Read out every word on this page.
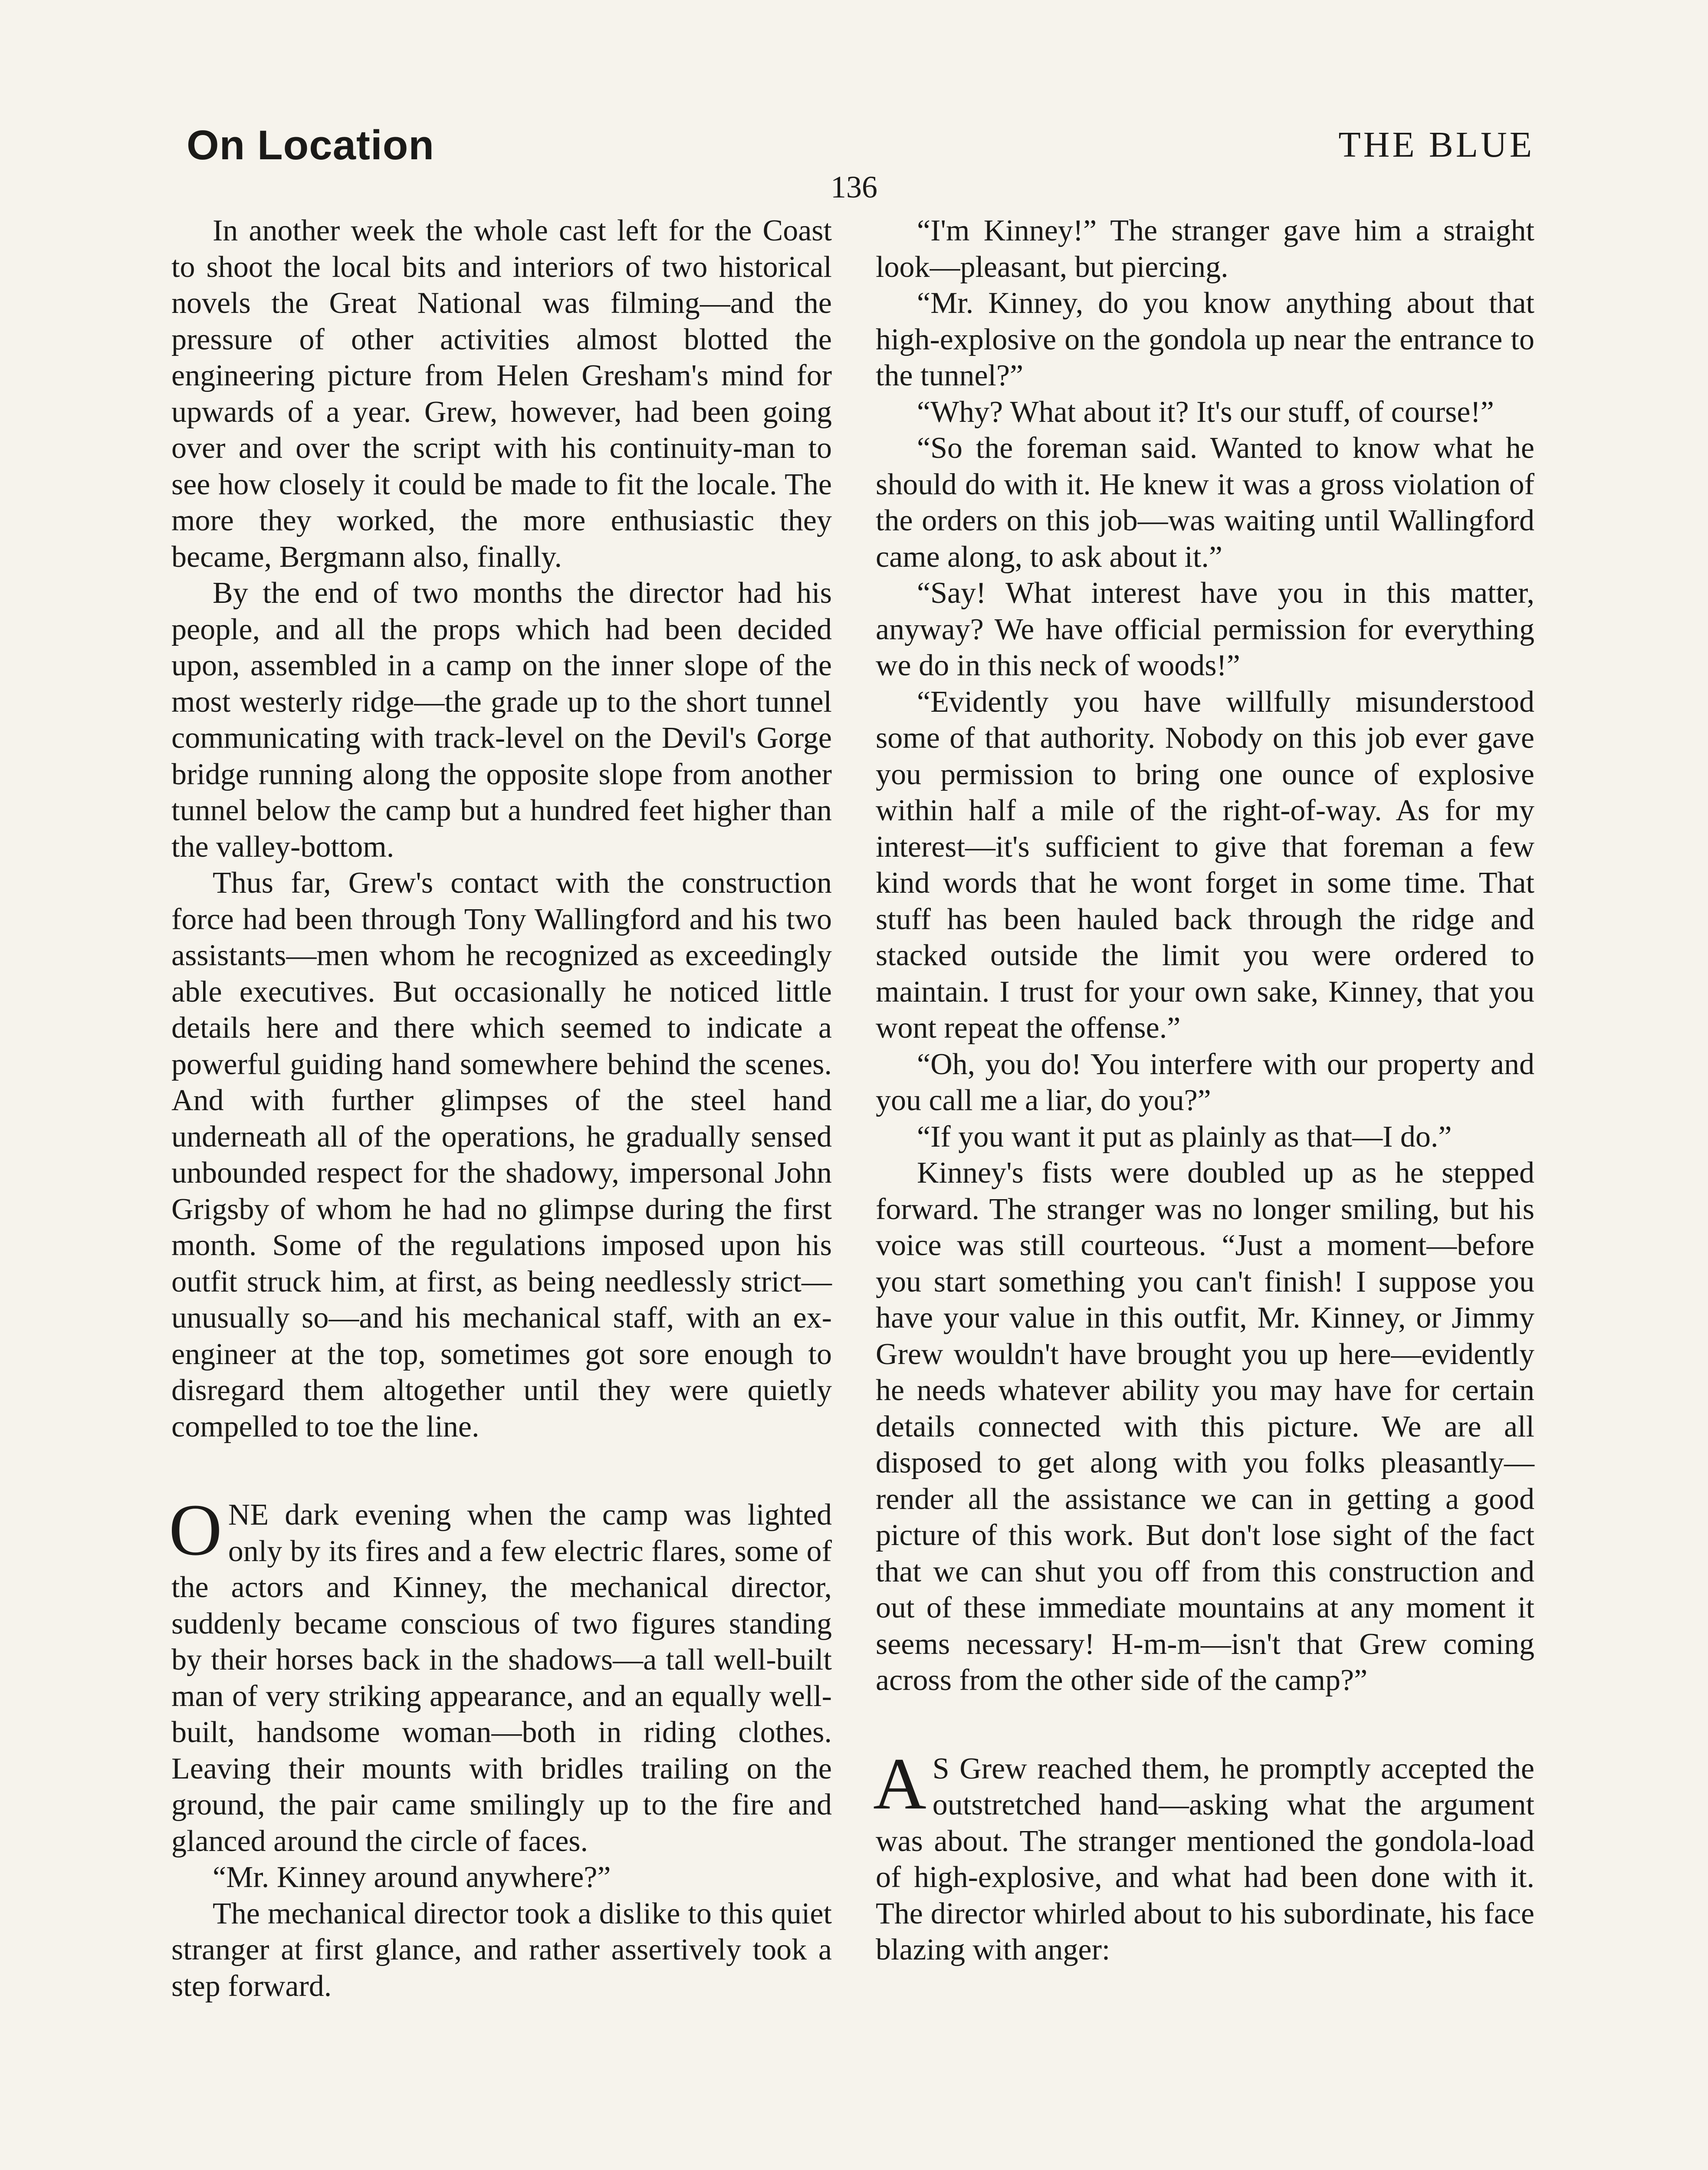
On Location	THE BLUE
136

In another week the whole cast left for the Coast to shoot the local bits and interiors of two historical novels the Great National was filming—and the pressure of other activities almost blotted the engineering picture from Helen Gresham's mind for upwards of a year. Grew, however, had been going over and over the script with his continuity-man to see how closely it could be made to fit the locale. The more they worked, the more enthusiastic they became, Bergmann also, finally.

By the end of two months the director had his people, and all the props which had been decided upon, assembled in a camp on the inner slope of the most westerly ridge—the grade up to the short tunnel communicating with track-level on the Devil's Gorge bridge running along the opposite slope from another tunnel below the camp but a hundred feet higher than the valley-bottom.

Thus far, Grew's contact with the construction force had been through Tony Wallingford and his two assistants—men whom he recognized as exceedingly able executives. But occasionally he noticed little details here and there which seemed to indicate a powerful guiding hand somewhere behind the scenes. And with further glimpses of the steel hand underneath all of the operations, he gradually sensed unbounded respect for the shadowy, impersonal John Grigsby of whom he had no glimpse during the first month. Some of the regulations imposed upon his outfit struck him, at first, as being needlessly strict—unusually so—and his mechanical staff, with an ex-engineer at the top, sometimes got sore enough to disregard them altogether until they were quietly compelled to toe the line.

ONE dark evening when the camp was lighted only by its fires and a few electric flares, some of the actors and Kinney, the mechanical director, suddenly became conscious of two figures standing by their horses back in the shadows—a tall well-built man of very striking appearance, and an equally well-built, handsome woman—both in riding clothes. Leaving their mounts with bridles trailing on the ground, the pair came smilingly up to the fire and glanced around the circle of faces.

“Mr. Kinney around anywhere?”

The mechanical director took a dislike to this quiet stranger at first glance, and rather assertively took a step forward.

“I'm Kinney!” The stranger gave him a straight look—pleasant, but piercing.

“Mr. Kinney, do you know anything about that high-explosive on the gondola up near the entrance to the tunnel?”

“Why? What about it? It's our stuff, of course!”

“So the foreman said. Wanted to know what he should do with it. He knew it was a gross violation of the orders on this job—was waiting until Wallingford came along, to ask about it.”

“Say! What interest have you in this matter, anyway? We have official permission for everything we do in this neck of woods!”

“Evidently you have willfully misunderstood some of that authority. Nobody on this job ever gave you permission to bring one ounce of explosive within half a mile of the right-of-way. As for my interest—it's sufficient to give that foreman a few kind words that he wont forget in some time. That stuff has been hauled back through the ridge and stacked outside the limit you were ordered to maintain. I trust for your own sake, Kinney, that you wont repeat the offense.”

“Oh, you do! You interfere with our property and you call me a liar, do you?”

“If you want it put as plainly as that—I do.”

Kinney's fists were doubled up as he stepped forward. The stranger was no longer smiling, but his voice was still courteous. “Just a moment—before you start something you can't finish! I suppose you have your value in this outfit, Mr. Kinney, or Jimmy Grew wouldn't have brought you up here—evidently he needs whatever ability you may have for certain details connected with this picture. We are all disposed to get along with you folks pleasantly—render all the assistance we can in getting a good picture of this work. But don't lose sight of the fact that we can shut you off from this construction and out of these immediate mountains at any moment it seems necessary! H-m-m—isn't that Grew coming across from the other side of the camp?”

A S Grew reached them, he promptly accepted the outstretched hand—asking what the argument was about. The stranger mentioned the gondola-load of high-explosive, and what had been done with it. The director whirled about to his subordinate, his face blazing with anger:
